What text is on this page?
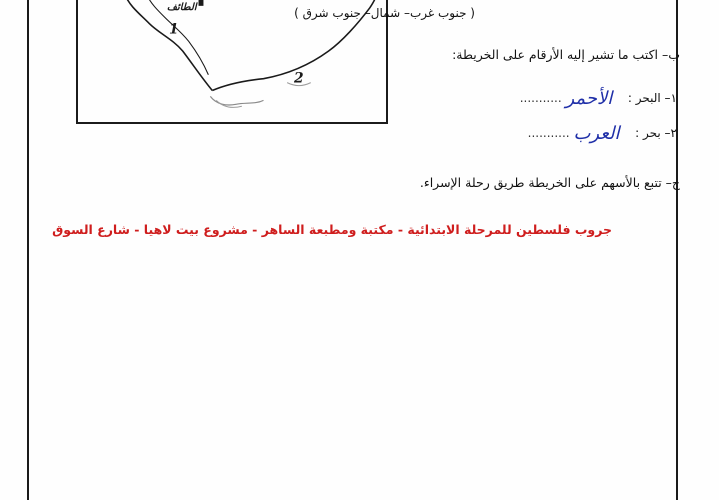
الطائف
1
2
( جنوب غرب– شمال– جنوب شرق )
ب– اكتب ما تشير إليه الأرقام على الخريطة:
١– البحر :  الأحمر ...........
٢– بحر :  العرب ...........
ج– تتبع بالأسهم على الخريطة طريق رحلة الإسراء.
جروب فلسطين للمرحلة الابتدائية - مكتبة ومطبعة الساهر - مشروع بيت لاهيا - شارع السوق
